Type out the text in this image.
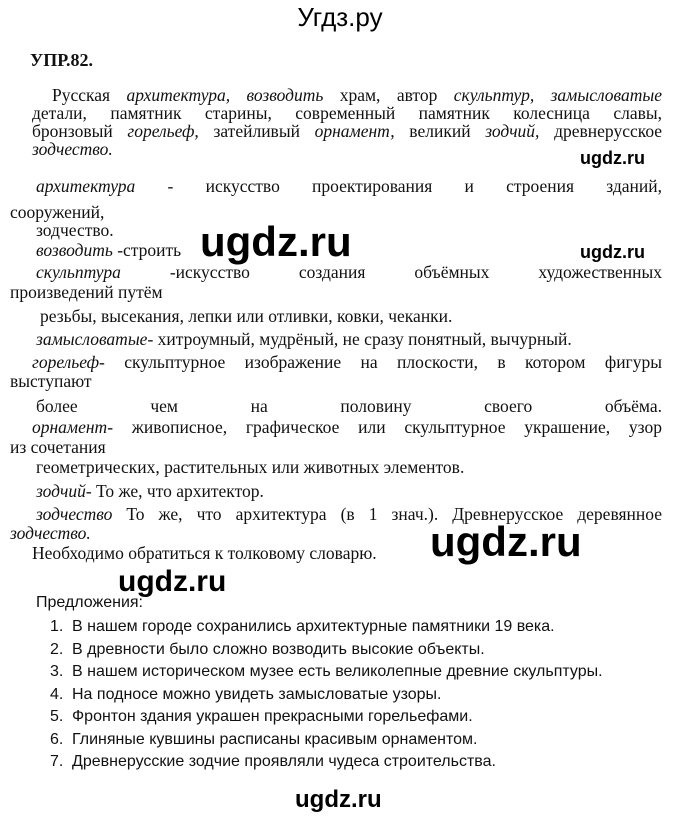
Угдз.ру
УПР.82.
Русская архитектура, возводить храм, автор скульптур, замысловатые
детали, памятник старины, современный памятник колесница славы,
бронзовый горельеф, затейливый орнамент, великий зодчий, древнерусское
зодчество.	ugdz.ru
архитектура - искусство проектирования и строения зданий,
сооружений,
зодчество.
возводить -строить ugdz.ru	ugdz.ru
скульптура	-искусство создания объёмных художественных
произведений путём
резьбы, высекания, лепки или отливки, ковки, чеканки.
замысловатые- хитроумный, мудрёный, не сразу понятный, вычурный.
горельеф- скульптурное изображение на плоскости, в котором фигуры
выступают
более чем на половину своего объёма.
орнамент- живописное, графическое или скульптурное украшение, узор
из сочетания
геометрических, растительных или животных элементов.
зодчий- То же, что архитектор.
зодчество То же, что архитектура (в 1 знач.). Древнерусское деревянное
зодчество.
Необходимо обратиться к толковому словарю. ugdz.ru
ugdz.ru
Предложения:
1. В нашем городе сохранились архитектурные памятники 19 века.
2. В древности было сложно возводить высокие объекты.
3. В нашем историческом музее есть великолепные древние скульптуры.
4. На подносе можно увидеть замысловатые узоры.
5. Фронтон здания украшен прекрасными горельефами.
6. Глиняные кувшины расписаны красивым орнаментом.
7. Древнерусские зодчие проявляли чудеса строительства.
ugdz.ru
